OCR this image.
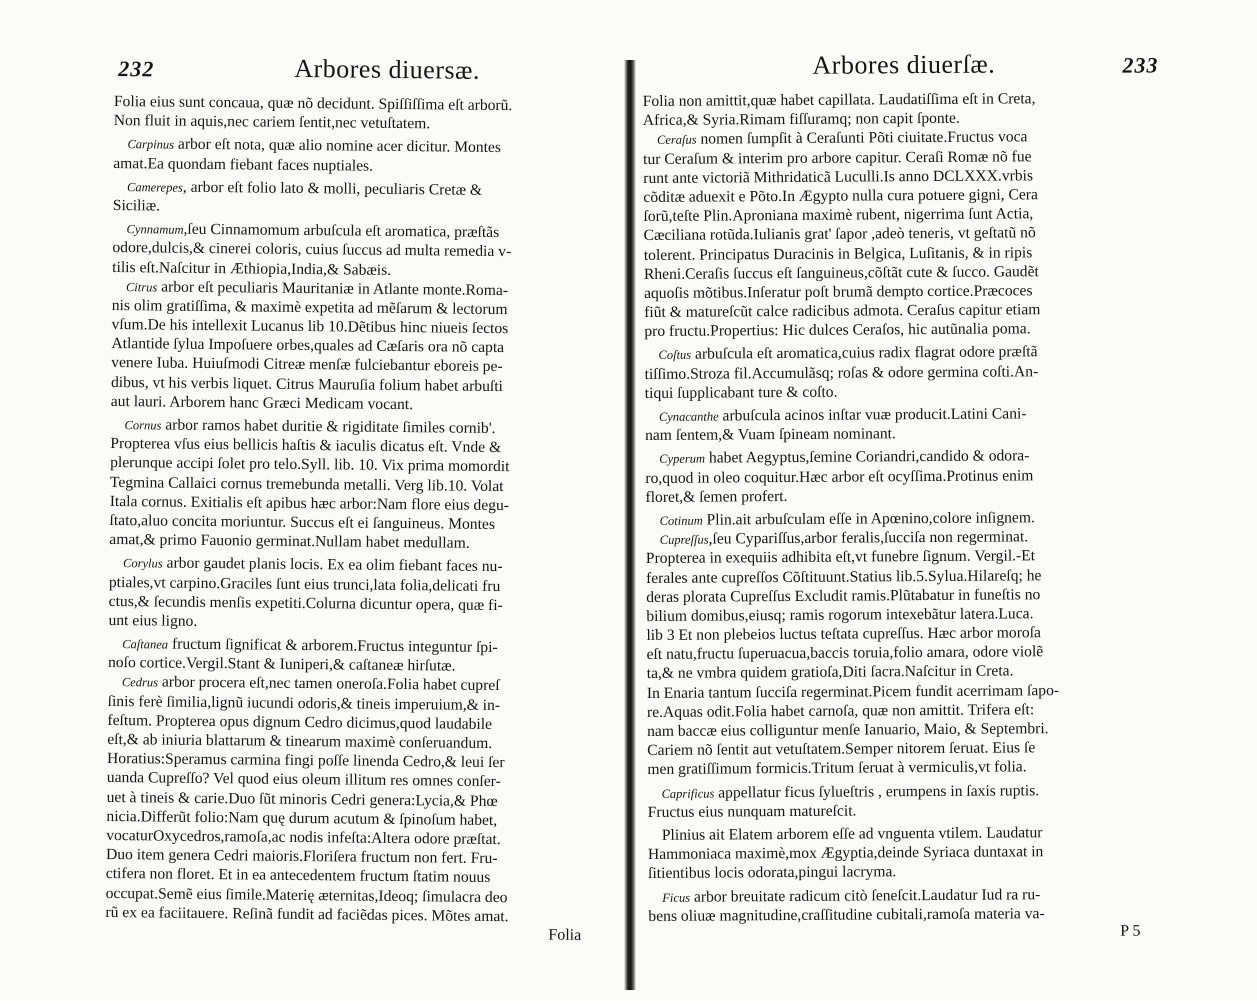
232	Arbores diuersæ.
Folia eius sunt concaua, quæ nõ decidunt. Spiſſiſſima eſt arborũ.
Non fluit in aquis,nec cariem ſentit,nec vetuſtatem.
Carpinus arbor eſt nota, quæ alio nomine acer dicitur. Montes
amat.Ea quondam fiebant faces nuptiales.
Camerepes, arbor eſt folio lato & molli, peculiaris Cretæ &
Siciliæ.
Cynnamum,ſeu Cinnamomum arbuſcula eſt aromatica, præſtãs
odore,dulcis,& cinerei coloris, cuius ſuccus ad multa remedia v-
tilis eſt.Naſcitur in Æthiopia,India,& Sabæis.
Citrus arbor eſt peculiaris Mauritaniæ in Atlante monte.Roma-
nis olim gratiſſima, & maximè expetita ad mẽſarum & lectorum
vſum.De his intellexit Lucanus lib 10.Dẽtibus hinc niueis ſectos
Atlantide ſylua Impoſuere orbes,quales ad Cæſaris ora nõ capta
venere Iuba. Huiuſmodi Citreæ menſæ fulciebantur eboreis pe-
dibus, vt his verbis liquet. Citrus Mauruſia folium habet arbuſti
aut lauri. Arborem hanc Græci Medicam vocant.
Cornus arbor ramos habet duritie & rigiditate ſimiles cornib'.
Propterea vſus eius bellicis haſtis & iaculis dicatus eſt. Vnde &
plerunque accipi ſolet pro telo.Syll. lib. 10. Vix prima momordit
Tegmina Callaici cornus tremebunda metalli. Verg lib.10. Volat
Itala cornus. Exitialis eſt apibus hæc arbor:Nam flore eius degu-
ſtato,aluo concita moriuntur. Succus eſt ei ſanguineus. Montes
amat,& primo Fauonio germinat.Nullam habet medullam.
Corylus arbor gaudet planis locis. Ex ea olim fiebant faces nu-
ptiales,vt carpino.Graciles ſunt eius trunci,lata folia,delicati fru
ctus,& ſecundis menſis expetiti.Colurna dicuntur opera, quæ fi-
unt eius ligno.
Caſtanea fructum ſignificat & arborem.Fructus integuntur ſpi-
noſo cortice.Vergil.Stant & Iuniperi,& caſtaneæ hirſutæ.
Cedrus arbor procera eſt,nec tamen oneroſa.Folia habet cupreſ
ſinis ferè ſimilia,lignũ iucundi odoris,& tineis imperuium,& in-
feſtum. Propterea opus dignum Cedro dicimus,quod laudabile
eſt,& ab iniuria blattarum & tinearum maximè conſeruandum.
Horatius:Speramus carmina fingi poſſe linenda Cedro,& leui ſer
uanda Cupreſſo? Vel quod eius oleum illitum res omnes conſer-
uet à tineis & carie.Duo ſũt minoris Cedri genera:Lycia,& Phœ
nicia.Differũt folio:Nam quę durum acutum & ſpinoſum habet,
vocaturOxycedros,ramoſa,ac nodis infeſta:Altera odore præſtat.
Duo item genera Cedri maioris.Floriſera fructum non fert. Fru-
ctifera non floret. Et in ea antecedentem fructum ſtatim nouus
occupat.Semẽ eius ſimile.Materię æternitas,Ideoq; ſimulacra deo
rũ ex ea faciitauere. Reſinã fundit ad faciẽdas pices. Mõtes amat.
Folia
Arbores diuerſæ.	233
Folia non amittit,quæ habet capillata. Laudatiſſima eſt in Creta,
Africa,& Syria.Rimam fiſſuramq; non capit ſponte.
Ceraſus nomen ſumpſit à Ceraſunti Põti ciuitate.Fructus voca
tur Ceraſum & interim pro arbore capitur. Ceraſi Romæ nõ fue
runt ante victoriã Mithridaticã Luculli.Is anno DCLXXX.vrbis
cõditæ aduexit e Põto.In Ægypto nulla cura potuere gigni, Cera
ſorũ,teſte Plin.Aproniana maximè rubent, nigerrima ſunt Actia,
Cæciliana rotũda.Iulianis grat' ſapor ,adeò teneris, vt geſtatũ nõ
tolerent. Principatus Duracinis in Belgica, Luſitanis, & in ripis
Rheni.Ceraſis ſuccus eſt ſanguineus,cõſtãt cute & ſucco. Gaudẽt
aquoſis mõtibus.Inſeratur poſt brumã dempto cortice.Præcoces
fiũt & matureſcũt calce radicibus admota. Ceraſus capitur etiam
pro fructu.Propertius: Hic dulces Ceraſos, hic autũnalia poma.
Coſtus arbuſcula eſt aromatica,cuius radix flagrat odore præſtã
tiſſimo.Stroza fil.Accumulãsq; roſas & odore germina coſti.An-
tiqui ſupplicabant ture & coſto.
Cynacanthe arbuſcula acinos inſtar vuæ producit.Latini Cani-
nam ſentem,& Vuam ſpineam nominant.
Cyperum habet Aegyptus,ſemine Coriandri,candido & odora-
ro,quod in oleo coquitur.Hæc arbor eſt ocyſſima.Protinus enim
floret,& ſemen profert.
Cotinum Plin.ait arbuſculam eſſe in Apœnino,colore inſignem.
Cupreſſus,ſeu Cypariſſus,arbor feralis,ſucciſa non regerminat.
Propterea in exequiis adhibita eſt,vt funebre ſignum. Vergil.-Et
ferales ante cupreſſos Cõſtituunt.Statius lib.5.Sylua.Hilareſq; he
deras plorata Cupreſſus Excludit ramis.Plũtabatur in funeſtis no
bilium domibus,eiusq; ramis rogorum intexebãtur latera.Luca.
lib 3 Et non plebeios luctus teſtata cupreſſus. Hæc arbor moroſa
eſt natu,fructu ſuperuacua,baccis toruia,folio amara, odore violẽ
ta,& ne vmbra quidem gratioſa,Diti ſacra.Naſcitur in Creta.
In Enaria tantum ſucciſa regerminat.Picem fundit acerrimam ſapo-
re.Aquas odit.Folia habet carnoſa, quæ non amittit. Trifera eſt:
nam baccæ eius colliguntur menſe Ianuario, Maio, & Septembri.
Cariem nõ ſentit aut vetuſtatem.Semper nitorem ſeruat. Eius ſe
men gratiſſimum formicis.Tritum ſeruat à vermiculis,vt folia.
Caprificus appellatur ficus ſylueſtris , erumpens in ſaxis ruptis.
Fructus eius nunquam matureſcit.
Plinius ait Elatem arborem eſſe ad vnguenta vtilem. Laudatur
Hammoniaca maximè,mox Ægyptia,deinde Syriaca duntaxat in
ſitientibus locis odorata,pingui lacryma.
Ficus arbor breuitate radicum citò ſeneſcit.Laudatur Iud ra ru-
bens oliuæ magnitudine,craſſitudine cubitali,ramoſa materia va-
P 5
